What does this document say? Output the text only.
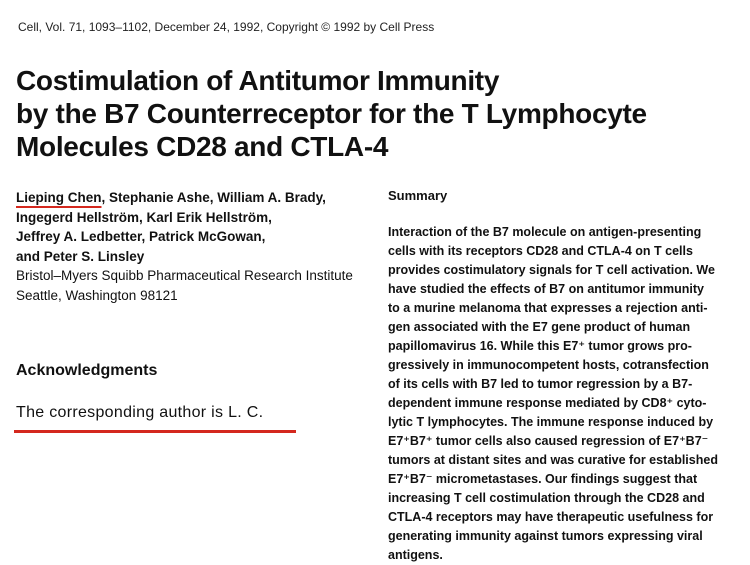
Cell, Vol. 71, 1093–1102, December 24, 1992, Copyright © 1992 by Cell Press
Costimulation of Antitumor Immunity
by the B7 Counterreceptor for the T Lymphocyte
Molecules CD28 and CTLA-4
Lieping Chen, Stephanie Ashe, William A. Brady,
Ingegerd Hellström, Karl Erik Hellström,
Jeffrey A. Ledbetter, Patrick McGowan,
and Peter S. Linsley
Bristol–Myers Squibb Pharmaceutical Research Institute
Seattle, Washington 98121
Acknowledgments
The corresponding author is L. C.
Summary
Interaction of the B7 molecule on antigen-presenting
cells with its receptors CD28 and CTLA-4 on T cells
provides costimulatory signals for T cell activation. We
have studied the effects of B7 on antitumor immunity
to a murine melanoma that expresses a rejection anti-
gen associated with the E7 gene product of human
papillomavirus 16. While this E7⁺ tumor grows pro-
gressively in immunocompetent hosts, cotransfection
of its cells with B7 led to tumor regression by a B7-
dependent immune response mediated by CD8⁺ cyto-
lytic T lymphocytes. The immune response induced by
E7⁺B7⁺ tumor cells also caused regression of E7⁺B7⁻
tumors at distant sites and was curative for established
E7⁺B7⁻ micrometastases. Our findings suggest that
increasing T cell costimulation through the CD28 and
CTLA-4 receptors may have therapeutic usefulness for
generating immunity against tumors expressing viral
antigens.
